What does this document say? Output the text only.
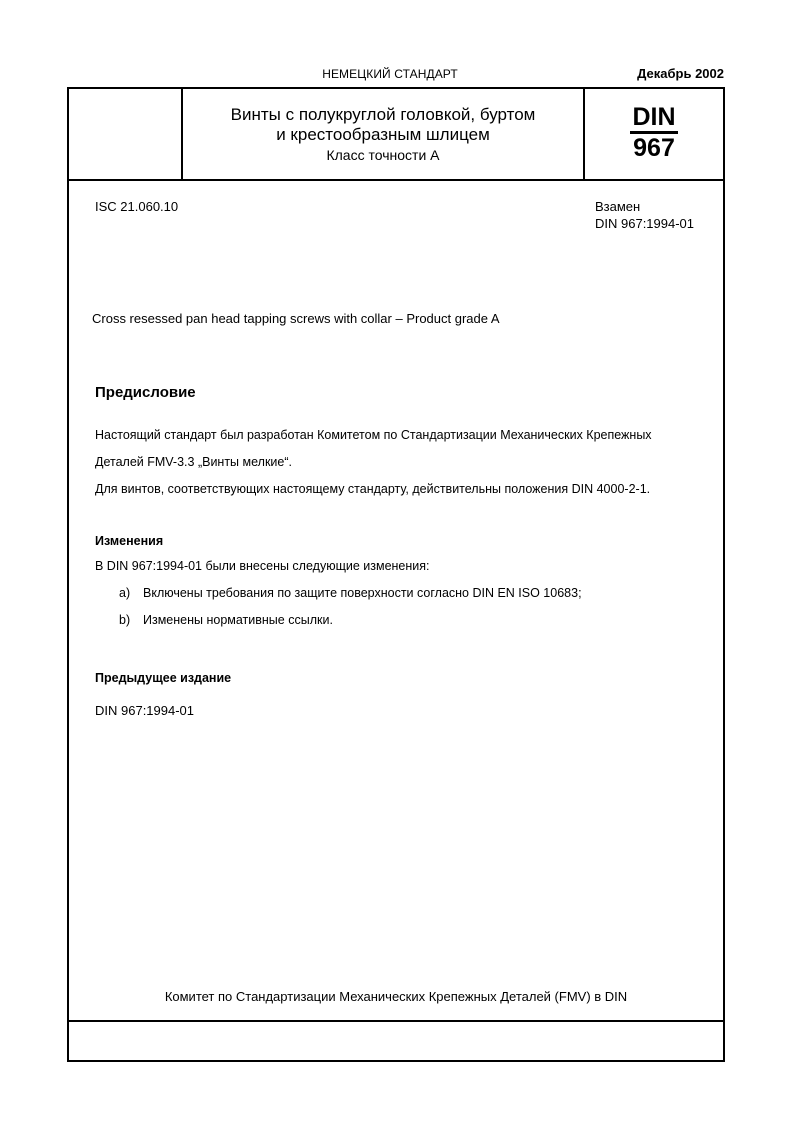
НЕМЕЦКИЙ СТАНДАРТ	Декабрь 2002
Винты с полукруглой головкой, буртом
и крестообразным шлицем
Класс точности A
DIN
967
ISC 21.060.10	Взамен
DIN 967:1994-01
Cross resessed pan head tapping screws with collar – Product grade A
Предисловие
Настоящий стандарт был разработан Комитетом по Стандартизации Механических Крепежных
Деталей FMV-3.3 „Винты мелкие“.
Для винтов, соответствующих настоящему стандарту, действительны положения DIN 4000-2-1.
Изменения
В DIN 967:1994-01 были внесены следующие изменения:
a) Включены требования по защите поверхности согласно DIN EN ISO 10683;
b) Изменены нормативные ссылки.
Предыдущее издание
DIN 967:1994-01
Комитет по Стандартизации Механических Крепежных Деталей (FMV) в DIN
